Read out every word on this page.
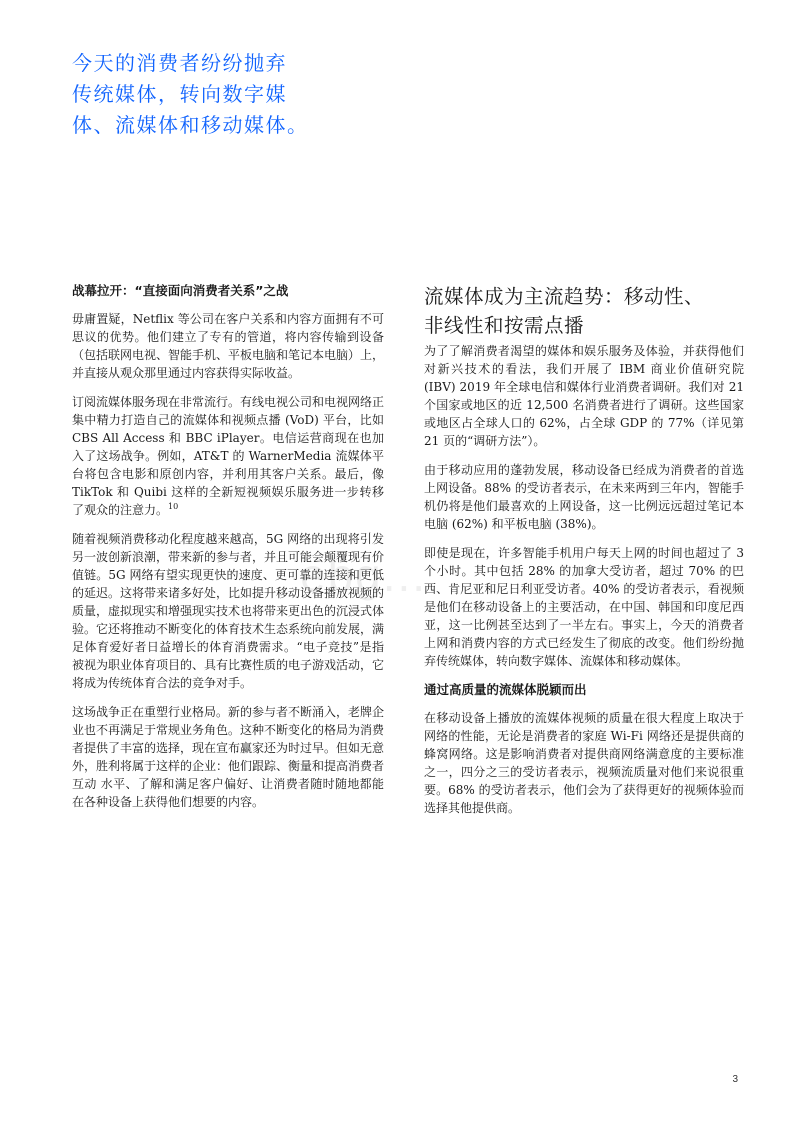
今天的消费者纷纷抛弃
传统媒体，转向数字媒
体、流媒体和移动媒体。
ebg...
战幕拉开：“直接面向消费者关系”之战

毋庸置疑，Netflix 等公司在客户关系和内容方面拥有不可思议的优势。他们建立了专有的管道，将内容传输到设备（包括联网电视、智能手机、平板电脑和笔记本电脑）上，并直接从观众那里通过内容获得实际收益。

订阅流媒体服务现在非常流行。有线电视公司和电视网络正集中精力打造自己的流媒体和视频点播 (VoD) 平台，比如 CBS All Access 和 BBC iPlayer。电信运营商现在也加入了这场战争。例如，AT&T 的 WarnerMedia 流媒体平台将包含电影和原创内容，并利用其客户关系。最后，像 TikTok 和 Quibi 这样的全新短视频娱乐服务进一步转移了观众的注意力。$^{10}$

随着视频消费移动化程度越来越高，5G 网络的出现将引发另一波创新浪潮，带来新的参与者，并且可能会颠覆现有价值链。5G 网络有望实现更快的速度、更可靠的连接和更低的延迟。这将带来诸多好处，比如提升移动设备播放视频的质量，虚拟现实和增强现实技术也将带来更出色的沉浸式体验。它还将推动不断变化的体育技术生态系统向前发展，满足体育爱好者日益增长的体育消费需求。“电子竞技”是指被视为职业体育项目的、具有比赛性质的电子游戏活动，它将成为传统体育合法的竞争对手。

这场战争正在重塑行业格局。新的参与者不断涌入，老牌企业也不再满足于常规业务角色。这种不断变化的格局为消费者提供了丰富的选择，现在宣布赢家还为时过早。但如无意外，胜利将属于这样的企业：他们跟踪、衡量和提高消费者互动 水平、了解和满足客户偏好、让消费者随时随地都能在各种设备上获得他们想要的内容。

流媒体成为主流趋势：移动性、
非线性和按需点播

为了了解消费者渴望的媒体和娱乐服务及体验，并获得他们对新兴技术的看法，我们开展了 IBM 商业价值研究院 (IBV) 2019 年全球电信和媒体行业消费者调研。我们对 21 个国家或地区的近 12,500 名消费者进行了调研。这些国家或地区占全球人口的 62%，占全球 GDP 的 77%（详见第 21 页的“调研方法”）。

由于移动应用的蓬勃发展，移动设备已经成为消费者的首选上网设备。88% 的受访者表示，在未来两到三年内，智能手机仍将是他们最喜欢的上网设备，这一比例远远超过笔记本电脑 (62%) 和平板电脑 (38%)。

即使是现在，许多智能手机用户每天上网的时间也超过了 3 个小时。其中包括 28% 的加拿大受访者，超过 70% 的巴西、肯尼亚和尼日利亚受访者。40% 的受访者表示，看视频是他们在移动设备上的主要活动，在中国、韩国和印度尼西亚，这一比例甚至达到了一半左右。事实上，今天的消费者上网和消费内容的方式已经发生了彻底的改变。他们纷纷抛弃传统媒体，转向数字媒体、流媒体和移动媒体。

通过高质量的流媒体脱颖而出

在移动设备上播放的流媒体视频的质量在很大程度上取决于网络的性能，无论是消费者的家庭 Wi-Fi 网络还是提供商的蜂窝网络。这是影响消费者对提供商网络满意度的主要标准之一，四分之三的受访者表示，视频流质量对他们来说很重要。68% 的受访者表示，他们会为了获得更好的视频体验而选择其他提供商。

3
